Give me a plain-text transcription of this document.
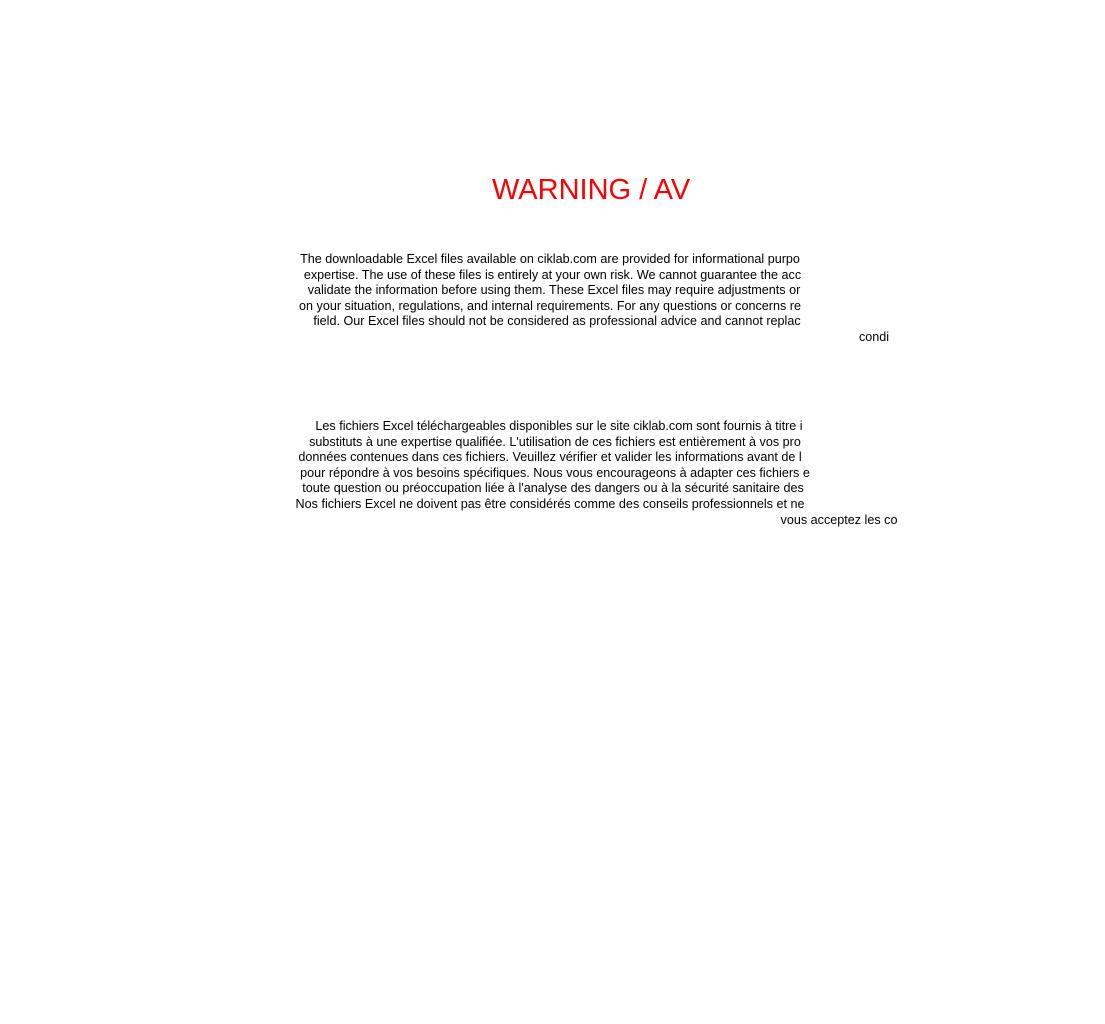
WARNING / AV

The downloadable Excel files available on ciklab.com are provided for informational purpo
expertise. The use of these files is entirely at your own risk. We cannot guarantee the acc
validate the information before using them. These Excel files may require adjustments or
on your situation, regulations, and internal requirements. For any questions or concerns re
field. Our Excel files should not be considered as professional advice and cannot replac
condi

Les fichiers Excel téléchargeables disponibles sur le site ciklab.com sont fournis à titre i
substituts à une expertise qualifiée. L'utilisation de ces fichiers est entièrement à vos pro
données contenues dans ces fichiers. Veuillez vérifier et valider les informations avant de l
pour répondre à vos besoins spécifiques. Nous vous encourageons à adapter ces fichiers e
toute question ou préoccupation liée à l'analyse des dangers ou à la sécurité sanitaire des
Nos fichiers Excel ne doivent pas être considérés comme des conseils professionnels et ne
vous acceptez les co
